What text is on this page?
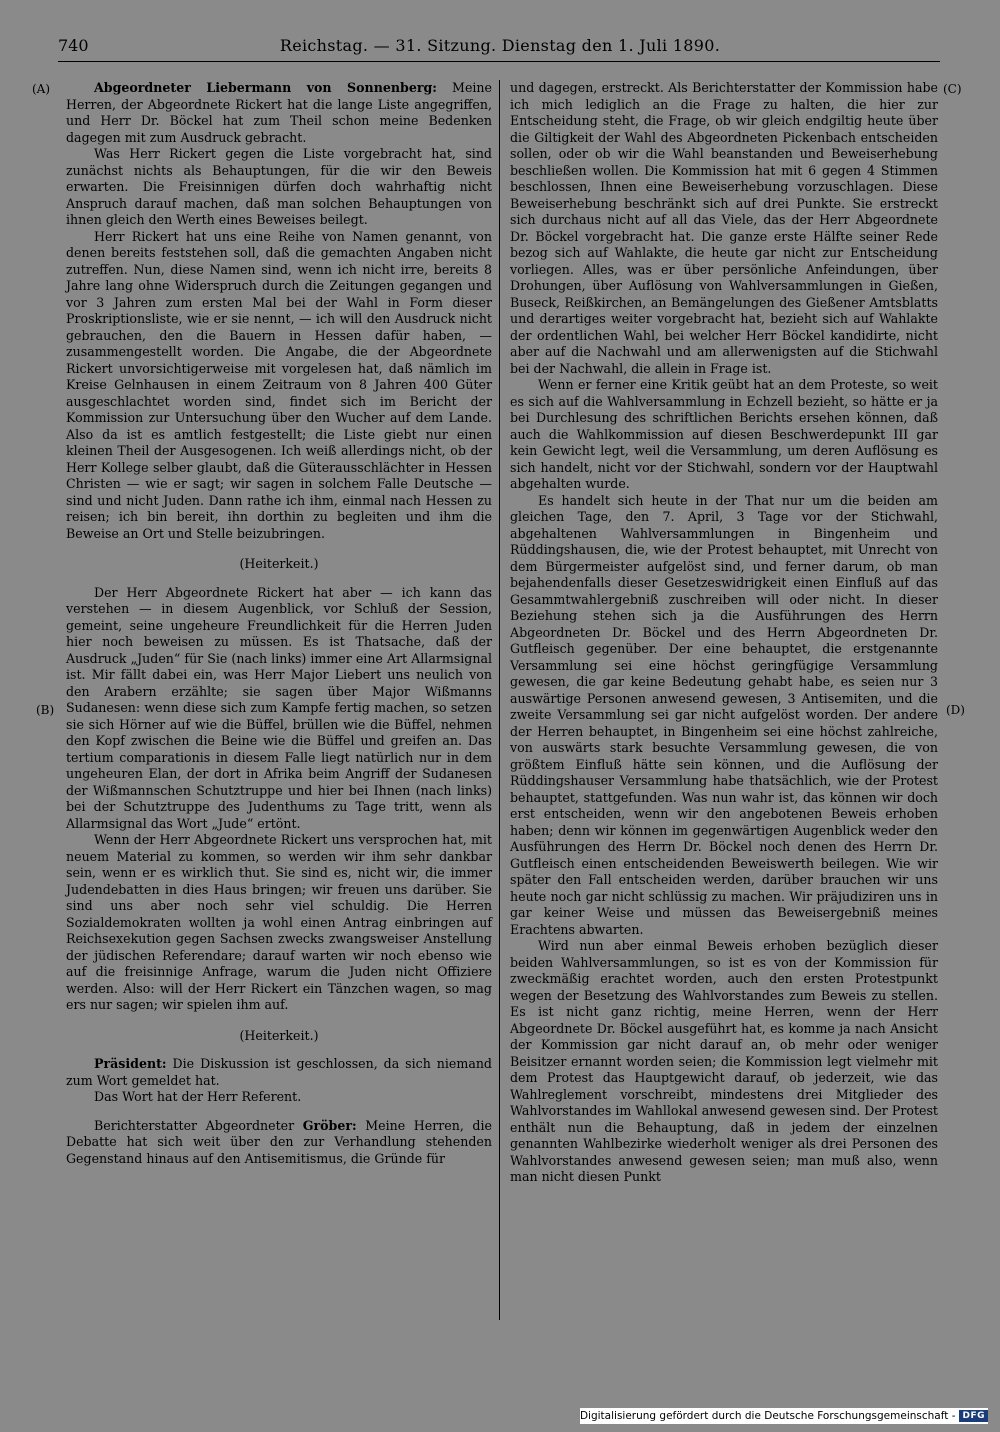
740	Reichstag. — 31. Sitzung. Dienstag den 1. Juli 1890.
(A)
(B)
(C)
(D)

Abgeordneter Liebermann von Sonnenberg: Meine Herren, der Abgeordnete Rickert hat die lange Liste angegriffen, und Herr Dr. Böckel hat zum Theil schon meine Bedenken dagegen mit zum Ausdruck gebracht.

Was Herr Rickert gegen die Liste vorgebracht hat, sind zunächst nichts als Behauptungen, für die wir den Beweis erwarten. Die Freisinnigen dürfen doch wahrhaftig nicht Anspruch darauf machen, daß man solchen Behauptungen von ihnen gleich den Werth eines Beweises beilegt.

Herr Rickert hat uns eine Reihe von Namen genannt, von denen bereits feststehen soll, daß die gemachten Angaben nicht zutreffen. Nun, diese Namen sind, wenn ich nicht irre, bereits 8 Jahre lang ohne Widerspruch durch die Zeitungen gegangen und vor 3 Jahren zum ersten Mal bei der Wahl in Form dieser Proskriptionsliste, wie er sie nennt, — ich will den Ausdruck nicht gebrauchen, den die Bauern in Hessen dafür haben, — zusammengestellt worden. Die Angabe, die der Abgeordnete Rickert unvorsichtigerweise mit vorgelesen hat, daß nämlich im Kreise Gelnhausen in einem Zeitraum von 8 Jahren 400 Güter ausgeschlachtet worden sind, findet sich im Bericht der Kommission zur Untersuchung über den Wucher auf dem Lande. Also da ist es amtlich festgestellt; die Liste giebt nur einen kleinen Theil der Ausgesogenen. Ich weiß allerdings nicht, ob der Herr Kollege selber glaubt, daß die Güterausschlächter in Hessen Christen — wie er sagt; wir sagen in solchem Falle Deutsche — sind und nicht Juden. Dann rathe ich ihm, einmal nach Hessen zu reisen; ich bin bereit, ihn dorthin zu begleiten und ihm die Beweise an Ort und Stelle beizubringen.

(Heiterkeit.)

Der Herr Abgeordnete Rickert hat aber — ich kann das verstehen — in diesem Augenblick, vor Schluß der Session, gemeint, seine ungeheure Freundlichkeit für die Herren Juden hier noch beweisen zu müssen. Es ist Thatsache, daß der Ausdruck „Juden“ für Sie (nach links) immer eine Art Allarmsignal ist. Mir fällt dabei ein, was Herr Major Liebert uns neulich von den Arabern erzählte; sie sagen über Major Wißmanns Sudanesen: wenn diese sich zum Kampfe fertig machen, so setzen sie sich Hörner auf wie die Büffel, brüllen wie die Büffel, nehmen den Kopf zwischen die Beine wie die Büffel und greifen an. Das tertium comparationis in diesem Falle liegt natürlich nur in dem ungeheuren Elan, der dort in Afrika beim Angriff der Sudanesen der Wißmannschen Schutztruppe und hier bei Ihnen (nach links) bei der Schutztruppe des Judenthums zu Tage tritt, wenn als Allarmsignal das Wort „Jude“ ertönt.

Wenn der Herr Abgeordnete Rickert uns versprochen hat, mit neuem Material zu kommen, so werden wir ihm sehr dankbar sein, wenn er es wirklich thut. Sie sind es, nicht wir, die immer Judendebatten in dies Haus bringen; wir freuen uns darüber. Sie sind uns aber noch sehr viel schuldig. Die Herren Sozialdemokraten wollten ja wohl einen Antrag einbringen auf Reichsexekution gegen Sachsen zwecks zwangsweiser Anstellung der jüdischen Referendare; darauf warten wir noch ebenso wie auf die freisinnige Anfrage, warum die Juden nicht Offiziere werden. Also: will der Herr Rickert ein Tänzchen wagen, so mag ers nur sagen; wir spielen ihm auf.

(Heiterkeit.)

Präsident: Die Diskussion ist geschlossen, da sich niemand zum Wort gemeldet hat.

Das Wort hat der Herr Referent.

Berichterstatter Abgeordneter Gröber: Meine Herren, die Debatte hat sich weit über den zur Verhandlung stehenden Gegenstand hinaus auf den Antisemitismus, die Gründe für

und dagegen, erstreckt. Als Berichterstatter der Kommission habe ich mich lediglich an die Frage zu halten, die hier zur Entscheidung steht, die Frage, ob wir gleich endgiltig heute über die Giltigkeit der Wahl des Abgeordneten Pickenbach entscheiden sollen, oder ob wir die Wahl beanstanden und Beweiserhebung beschließen wollen. Die Kommission hat mit 6 gegen 4 Stimmen beschlossen, Ihnen eine Beweiserhebung vorzuschlagen. Diese Beweiserhebung beschränkt sich auf drei Punkte. Sie erstreckt sich durchaus nicht auf all das Viele, das der Herr Abgeordnete Dr. Böckel vorgebracht hat. Die ganze erste Hälfte seiner Rede bezog sich auf Wahlakte, die heute gar nicht zur Entscheidung vorliegen. Alles, was er über persönliche Anfeindungen, über Drohungen, über Auflösung von Wahlversammlungen in Gießen, Buseck, Reißkirchen, an Bemängelungen des Gießener Amtsblatts und derartiges weiter vorgebracht hat, bezieht sich auf Wahlakte der ordentlichen Wahl, bei welcher Herr Böckel kandidirte, nicht aber auf die Nachwahl und am allerwenigsten auf die Stichwahl bei der Nachwahl, die allein in Frage ist.

Wenn er ferner eine Kritik geübt hat an dem Proteste, so weit es sich auf die Wahlversammlung in Echzell bezieht, so hätte er ja bei Durchlesung des schriftlichen Berichts ersehen können, daß auch die Wahlkommission auf diesen Beschwerdepunkt III gar kein Gewicht legt, weil die Versammlung, um deren Auflösung es sich handelt, nicht vor der Stichwahl, sondern vor der Hauptwahl abgehalten wurde.

Es handelt sich heute in der That nur um die beiden am gleichen Tage, den 7. April, 3 Tage vor der Stichwahl, abgehaltenen Wahlversammlungen in Bingenheim und Rüddingshausen, die, wie der Protest behauptet, mit Unrecht von dem Bürgermeister aufgelöst sind, und ferner darum, ob man bejahendenfalls dieser Gesetzeswidrigkeit einen Einfluß auf das Gesammtwahlergebniß zuschreiben will oder nicht. In dieser Beziehung stehen sich ja die Ausführungen des Herrn Abgeordneten Dr. Böckel und des Herrn Abgeordneten Dr. Gutfleisch gegenüber. Der eine behauptet, die erstgenannte Versammlung sei eine höchst geringfügige Versammlung gewesen, die gar keine Bedeutung gehabt habe, es seien nur 3 auswärtige Personen anwesend gewesen, 3 Antisemiten, und die zweite Versammlung sei gar nicht aufgelöst worden. Der andere der Herren behauptet, in Bingenheim sei eine höchst zahlreiche, von auswärts stark besuchte Versammlung gewesen, die von größtem Einfluß hätte sein können, und die Auflösung der Rüddingshauser Versammlung habe thatsächlich, wie der Protest behauptet, stattgefunden. Was nun wahr ist, das können wir doch erst entscheiden, wenn wir den angebotenen Beweis erhoben haben; denn wir können im gegenwärtigen Augenblick weder den Ausführungen des Herrn Dr. Böckel noch denen des Herrn Dr. Gutfleisch einen entscheidenden Beweiswerth beilegen. Wie wir später den Fall entscheiden werden, darüber brauchen wir uns heute noch gar nicht schlüssig zu machen. Wir präjudiziren uns in gar keiner Weise und müssen das Beweisergebniß meines Erachtens abwarten.

Wird nun aber einmal Beweis erhoben bezüglich dieser beiden Wahlversammlungen, so ist es von der Kommission für zweckmäßig erachtet worden, auch den ersten Protestpunkt wegen der Besetzung des Wahlvorstandes zum Beweis zu stellen. Es ist nicht ganz richtig, meine Herren, wenn der Herr Abgeordnete Dr. Böckel ausgeführt hat, es komme ja nach Ansicht der Kommission gar nicht darauf an, ob mehr oder weniger Beisitzer ernannt worden seien; die Kommission legt vielmehr mit dem Protest das Hauptgewicht darauf, ob jederzeit, wie das Wahlreglement vorschreibt, mindestens drei Mitglieder des Wahlvorstandes im Wahllokal anwesend gewesen sind. Der Protest enthält nun die Behauptung, daß in jedem der einzelnen genannten Wahlbezirke wiederholt weniger als drei Personen des Wahlvorstandes anwesend gewesen seien; man muß also, wenn man nicht diesen Punkt

Digitalisierung gefördert durch die Deutsche Forschungsgemeinschaft - DFG
